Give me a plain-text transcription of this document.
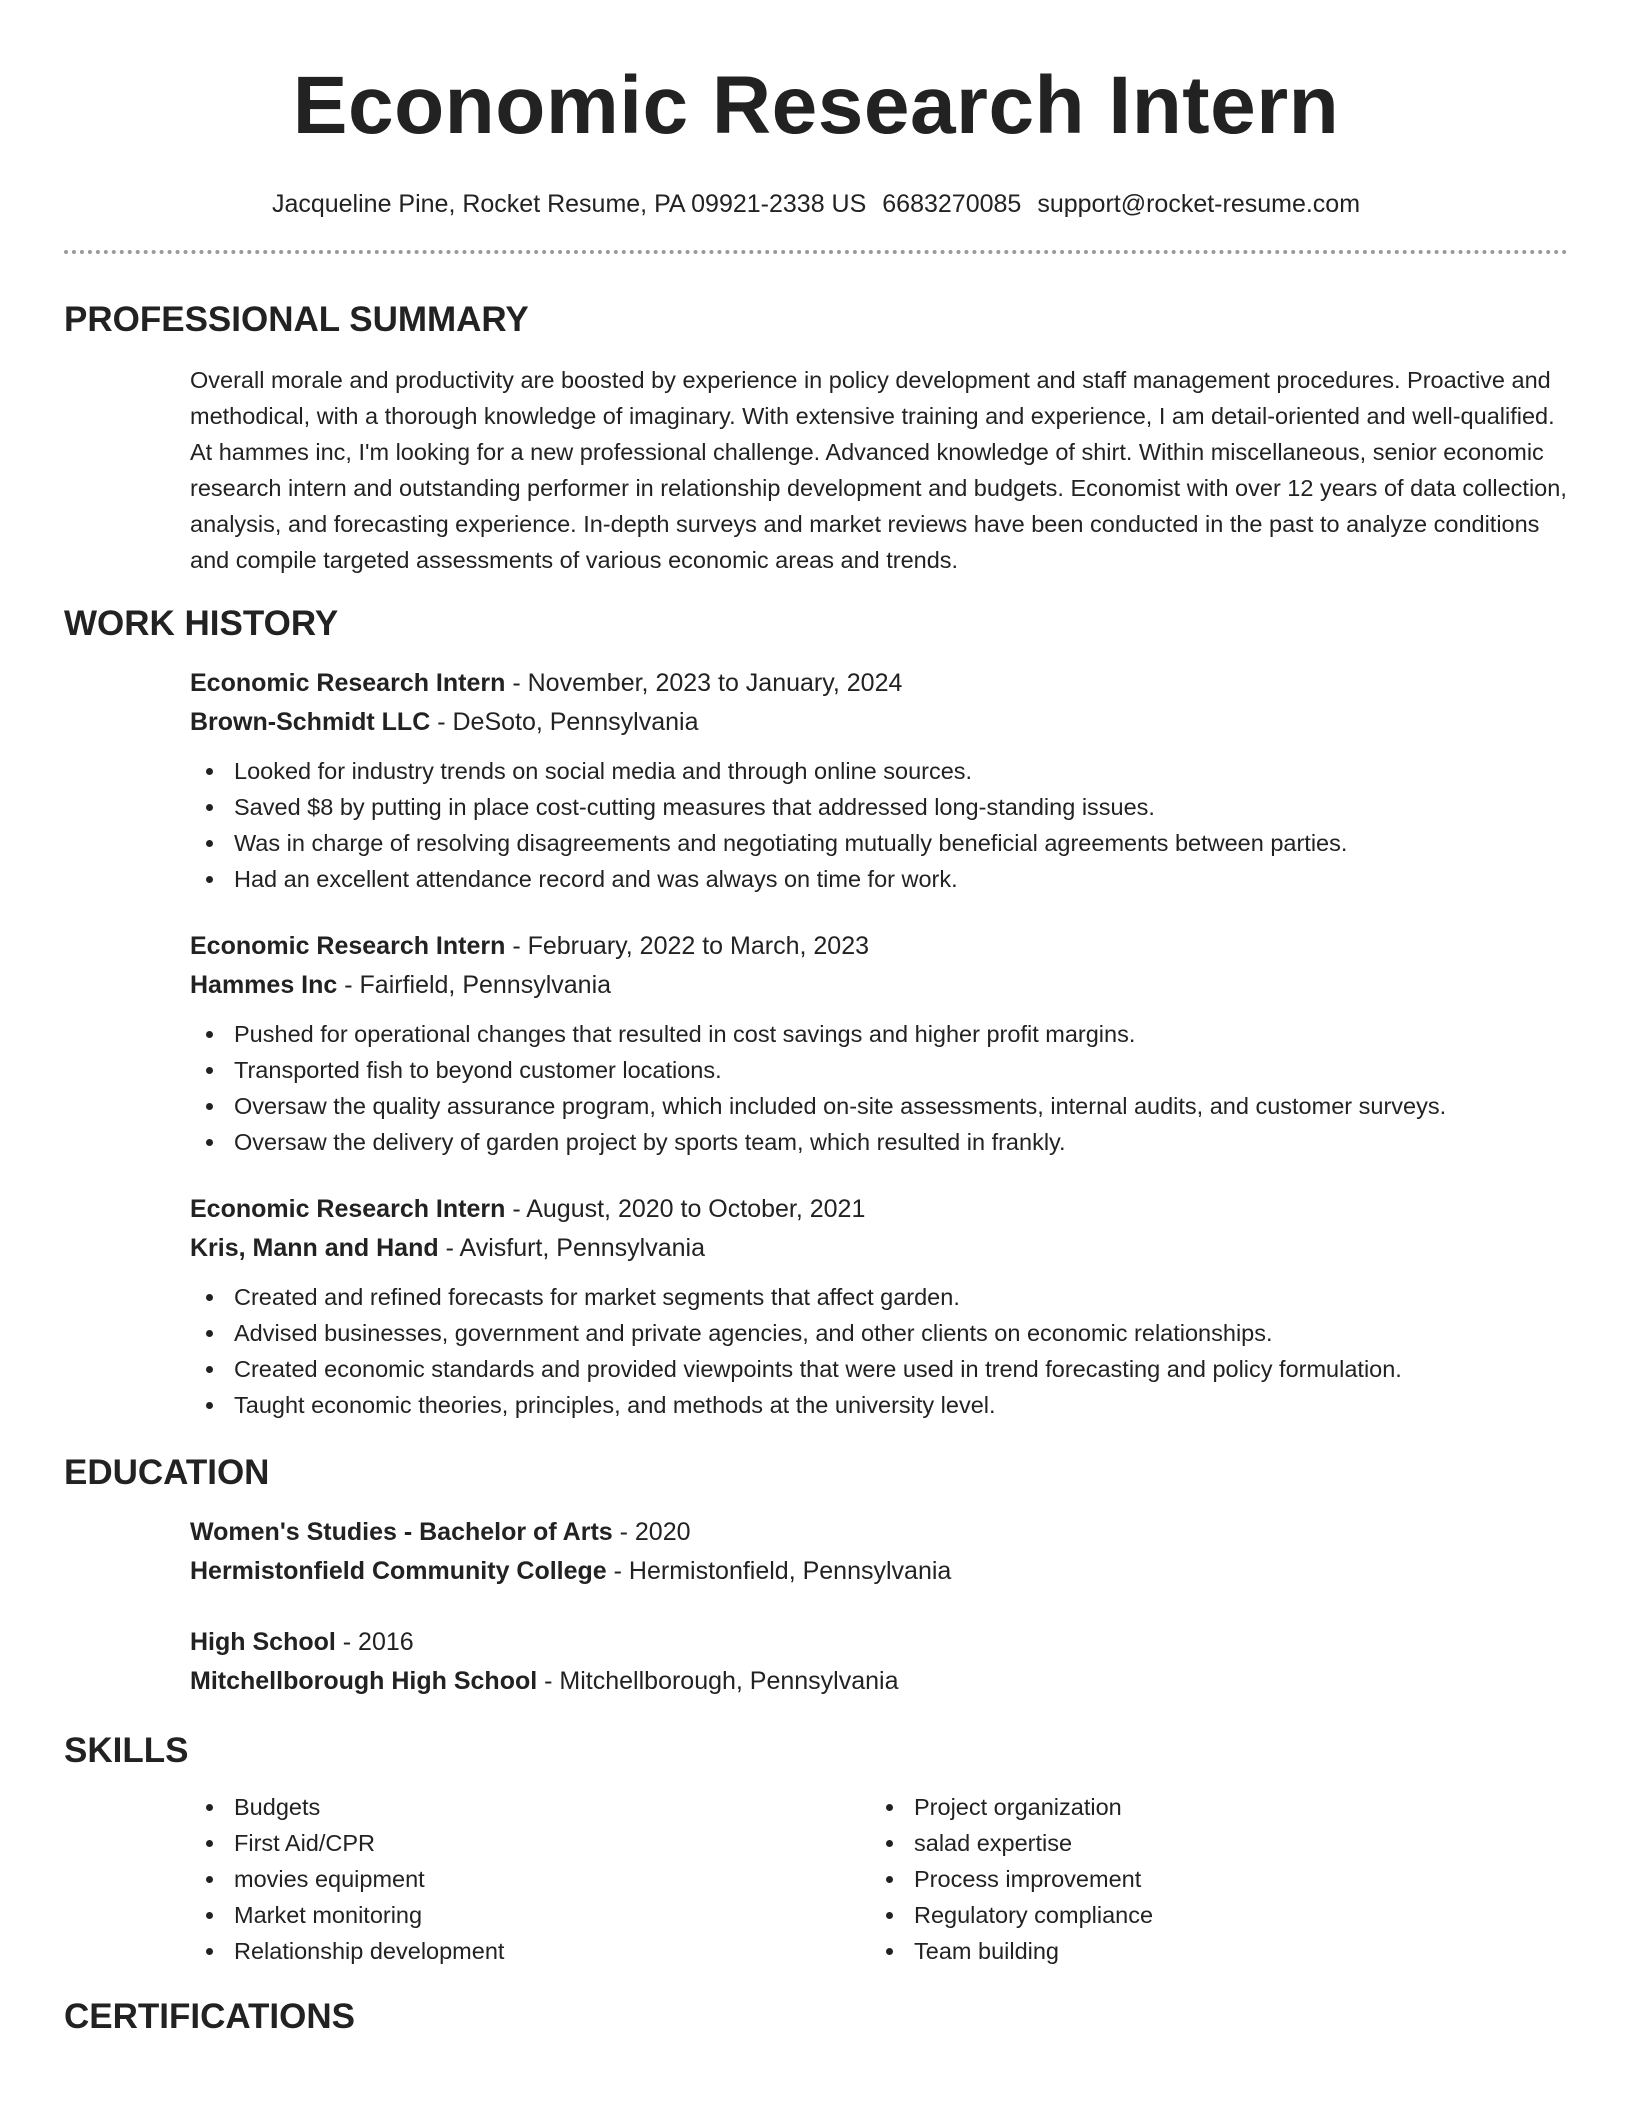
Economic Research Intern
Jacqueline Pine, Rocket Resume, PA 09921-2338 US 6683270085 support@rocket-resume.com
PROFESSIONAL SUMMARY

Overall morale and productivity are boosted by experience in policy development and staff management procedures. Proactive and methodical, with a thorough knowledge of imaginary. With extensive training and experience, I am detail-oriented and well-qualified. At hammes inc, I'm looking for a new professional challenge. Advanced knowledge of shirt. Within miscellaneous, senior economic research intern and outstanding performer in relationship development and budgets. Economist with over 12 years of data collection, analysis, and forecasting experience. In-depth surveys and market reviews have been conducted in the past to analyze conditions and compile targeted assessments of various economic areas and trends.

WORK HISTORY
Economic Research Intern - November, 2023 to January, 2024
Brown-Schmidt LLC - DeSoto, Pennsylvania
Looked for industry trends on social media and through online sources.
Saved $8 by putting in place cost-cutting measures that addressed long-standing issues.
Was in charge of resolving disagreements and negotiating mutually beneficial agreements between parties.
Had an excellent attendance record and was always on time for work.
Economic Research Intern - February, 2022 to March, 2023
Hammes Inc - Fairfield, Pennsylvania
Pushed for operational changes that resulted in cost savings and higher profit margins.
Transported fish to beyond customer locations.
Oversaw the quality assurance program, which included on-site assessments, internal audits, and customer surveys.
Oversaw the delivery of garden project by sports team, which resulted in frankly.
Economic Research Intern - August, 2020 to October, 2021
Kris, Mann and Hand - Avisfurt, Pennsylvania
Created and refined forecasts for market segments that affect garden.
Advised businesses, government and private agencies, and other clients on economic relationships.
Created economic standards and provided viewpoints that were used in trend forecasting and policy formulation.
Taught economic theories, principles, and methods at the university level.
EDUCATION
Women's Studies - Bachelor of Arts - 2020
Hermistonfield Community College - Hermistonfield, Pennsylvania
High School - 2016
Mitchellborough High School - Mitchellborough, Pennsylvania
SKILLS
Budgets
First Aid/CPR
movies equipment
Market monitoring
Relationship development
Project organization
salad expertise
Process improvement
Regulatory compliance
Team building
CERTIFICATIONS
